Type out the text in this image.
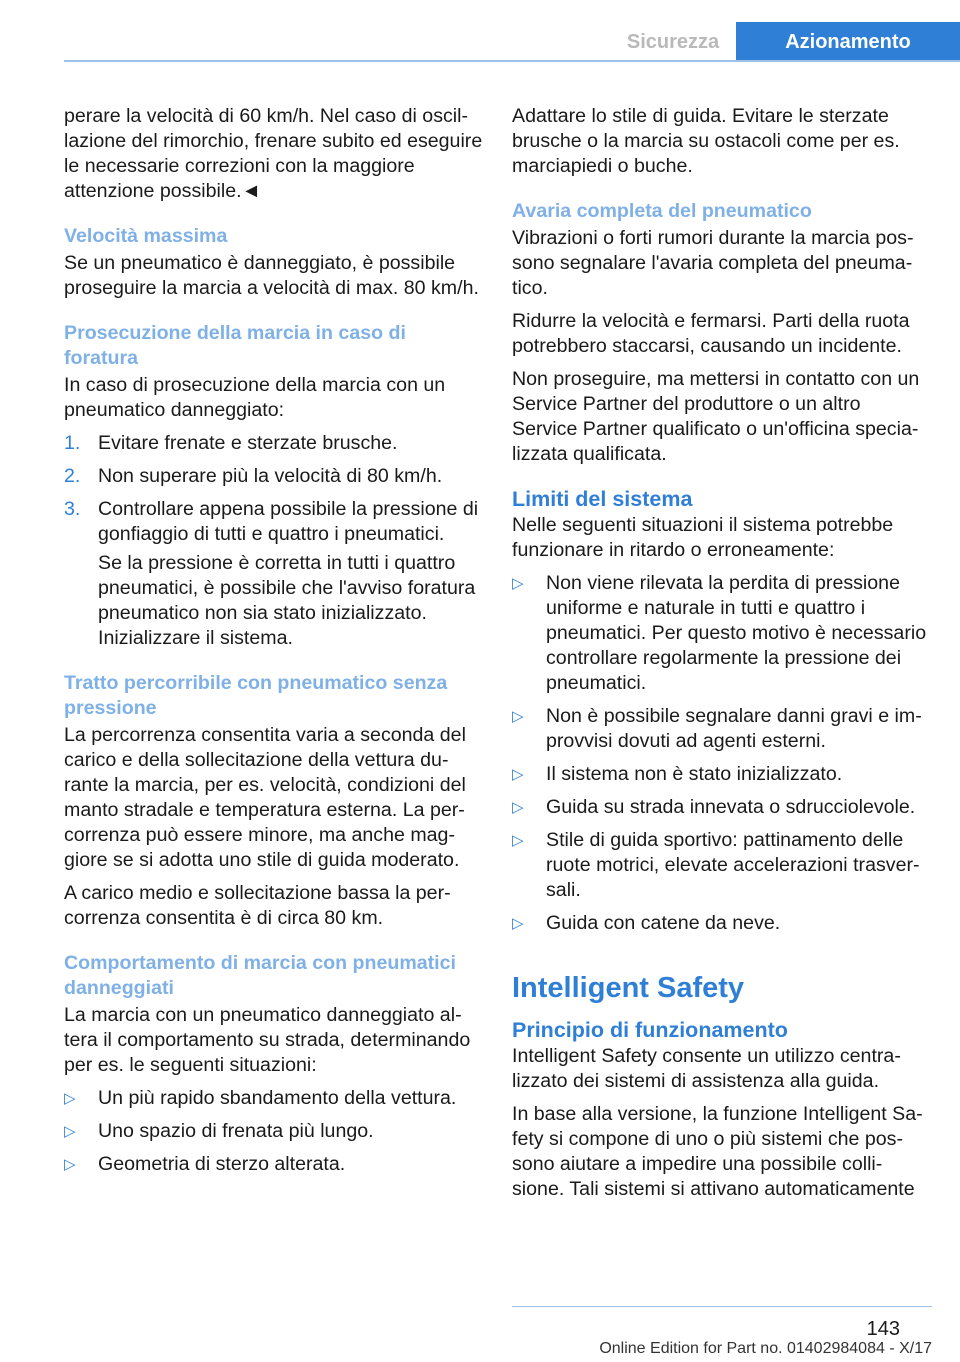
Sicurezza	Azionamento

perare la velocità di 60 km/h. Nel caso di oscillazione del rimorchio, frenare subito ed eseguire le necessarie correzioni con la maggiore attenzione possibile.◄

Velocità massima

Se un pneumatico è danneggiato, è possibile proseguire la marcia a velocità di max. 80 km/h.

Prosecuzione della marcia in caso di foratura

In caso di prosecuzione della marcia con un pneumatico danneggiato:

1. Evitare frenate e sterzate brusche.
2. Non superare più la velocità di 80 km/h.
3. Controllare appena possibile la pressione di gonfiaggio di tutti e quattro i pneumatici.
Se la pressione è corretta in tutti i quattro pneumatici, è possibile che l'avviso foratura pneumatico non sia stato inizializzato. Inizializzare il sistema.
Tratto percorribile con pneumatico senza pressione

La percorrenza consentita varia a seconda del carico e della sollecitazione della vettura durante la marcia, per es. velocità, condizioni del manto stradale e temperatura esterna. La percorrenza può essere minore, ma anche maggiore se si adotta uno stile di guida moderato.

A carico medio e sollecitazione bassa la percorrenza consentita è di circa 80 km.

Comportamento di marcia con pneumatici danneggiati

La marcia con un pneumatico danneggiato altera il comportamento su strada, determinando per es. le seguenti situazioni:

▷ Un più rapido sbandamento della vettura.
▷ Uno spazio di frenata più lungo.
▷ Geometria di sterzo alterata.

Adattare lo stile di guida. Evitare le sterzate brusche o la marcia su ostacoli come per es. marciapiedi o buche.

Avaria completa del pneumatico

Vibrazioni o forti rumori durante la marcia possono segnalare l'avaria completa del pneumatico.

Ridurre la velocità e fermarsi. Parti della ruota potrebbero staccarsi, causando un incidente.

Non proseguire, ma mettersi in contatto con un Service Partner del produttore o un altro Service Partner qualificato o un'officina specializzata qualificata.

Limiti del sistema

Nelle seguenti situazioni il sistema potrebbe funzionare in ritardo o erroneamente:

▷ Non viene rilevata la perdita di pressione uniforme e naturale in tutti e quattro i pneumatici. Per questo motivo è necessario controllare regolarmente la pressione dei pneumatici.
▷ Non è possibile segnalare danni gravi e improvvisi dovuti ad agenti esterni.
▷ Il sistema non è stato inizializzato.
▷ Guida su strada innevata o sdrucciolevole.
▷ Stile di guida sportivo: pattinamento delle ruote motrici, elevate accelerazioni trasversali.
▷ Guida con catene da neve.
Intelligent Safety
Principio di funzionamento

Intelligent Safety consente un utilizzo centralizzato dei sistemi di assistenza alla guida.

In base alla versione, la funzione Intelligent Safety si compone di uno o più sistemi che possono aiutare a impedire una possibile collisione. Tali sistemi si attivano automaticamente

143
Online Edition for Part no. 01402984084 - X/17
